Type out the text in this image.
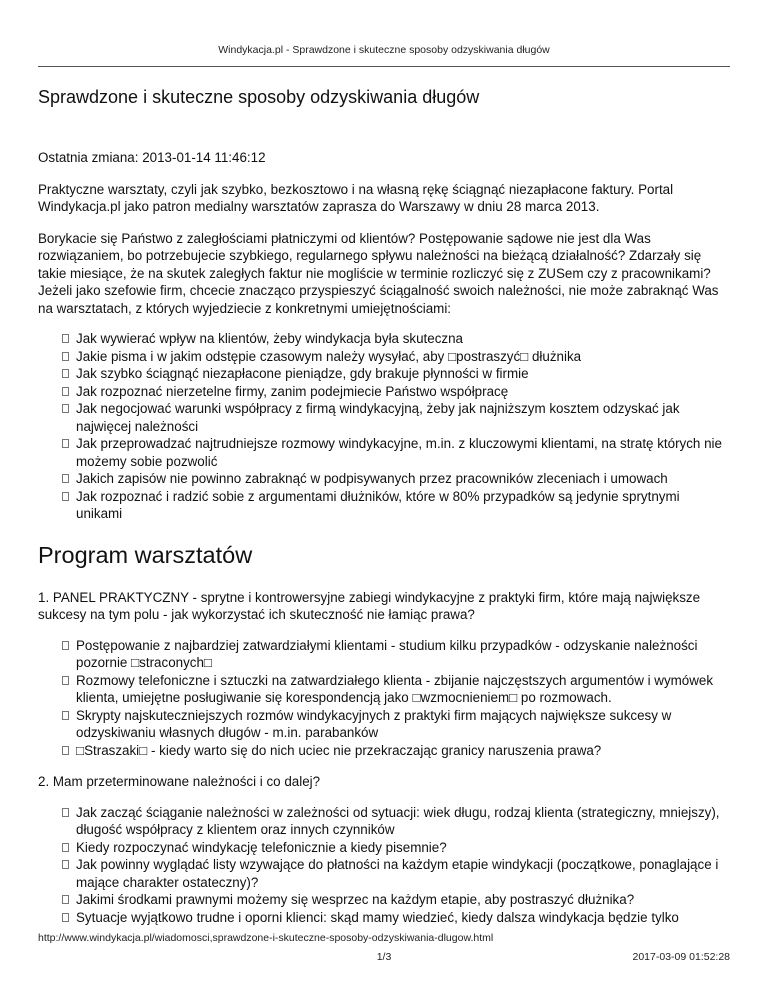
Windykacja.pl - Sprawdzone i skuteczne sposoby odzyskiwania długów
Sprawdzone i skuteczne sposoby odzyskiwania długów
Ostatnia zmiana: 2013-01-14 11:46:12
Praktyczne warsztaty, czyli jak szybko, bezkosztowo i na własną rękę ściągnąć niezapłacone faktury. Portal Windykacja.pl jako patron medialny warsztatów zaprasza do Warszawy w dniu 28 marca 2013.
Borykacie się Państwo z zaległościami płatniczymi od klientów? Postępowanie sądowe nie jest dla Was rozwiązaniem, bo potrzebujecie szybkiego, regularnego spływu należności na bieżącą działalność? Zdarzały się takie miesiące, że na skutek zaległych faktur nie mogliście w terminie rozliczyć się z ZUSem czy z pracownikami? Jeżeli jako szefowie firm, chcecie znacząco przyspieszyć ściągalność swoich należności, nie może zabraknąć Was na warsztatach, z których wyjedziecie z konkretnymi umiejętnościami:
Jak wywierać wpływ na klientów, żeby windykacja była skuteczna
Jakie pisma i w jakim odstępie czasowym należy wysyłać, aby □postraszyć□ dłużnika
Jak szybko ściągnąć niezapłacone pieniądze, gdy brakuje płynności w firmie
Jak rozpoznać nierzetelne firmy, zanim podejmiecie Państwo współpracę
Jak negocjować warunki współpracy z firmą windykacyjną, żeby jak najniższym kosztem odzyskać jak najwięcej należności
Jak przeprowadzać najtrudniejsze rozmowy windykacyjne, m.in. z kluczowymi klientami, na stratę których nie możemy sobie pozwolić
Jakich zapisów nie powinno zabraknąć w podpisywanych przez pracowników zleceniach i umowach
Jak rozpoznać i radzić sobie z argumentami dłużników, które w 80% przypadków są jedynie sprytnymi unikami
Program warsztatów
1. PANEL PRAKTYCZNY - sprytne i kontrowersyjne zabiegi windykacyjne z praktyki firm, które mają największe sukcesy na tym polu - jak wykorzystać ich skuteczność nie łamiąc prawa?
Postępowanie z najbardziej zatwardziałymi klientami - studium kilku przypadków - odzyskanie należności pozornie □straconych□
Rozmowy telefoniczne i sztuczki na zatwardziałego klienta - zbijanie najczęstszych argumentów i wymówek klienta, umiejętne posługiwanie się korespondencją jako □wzmocnieniem□ po rozmowach.
Skrypty najskuteczniejszych rozmów windykacyjnych z praktyki firm mających największe sukcesy w odzyskiwaniu własnych długów - m.in. parabanków
□Straszaki□ - kiedy warto się do nich uciec nie przekraczając granicy naruszenia prawa?
2. Mam przeterminowane należności i co dalej?
Jak zacząć ściąganie należności w zależności od sytuacji: wiek długu, rodzaj klienta (strategiczny, mniejszy), długość współpracy z klientem oraz innych czynników
Kiedy rozpoczynać windykację telefonicznie a kiedy pisemnie?
Jak powinny wyglądać listy wzywające do płatności na każdym etapie windykacji (początkowe, ponaglające i mające charakter ostateczny)?
Jakimi środkami prawnymi możemy się wesprzec na każdym etapie, aby postraszyć dłużnika?
Sytuacje wyjątkowo trudne i oporni klienci: skąd mamy wiedzieć, kiedy dalsza windykacja będzie tylko
http://www.windykacja.pl/wiadomosci,sprawdzone-i-skuteczne-sposoby-odzyskiwania-dlugow.html
1/3	2017-03-09 01:52:28
